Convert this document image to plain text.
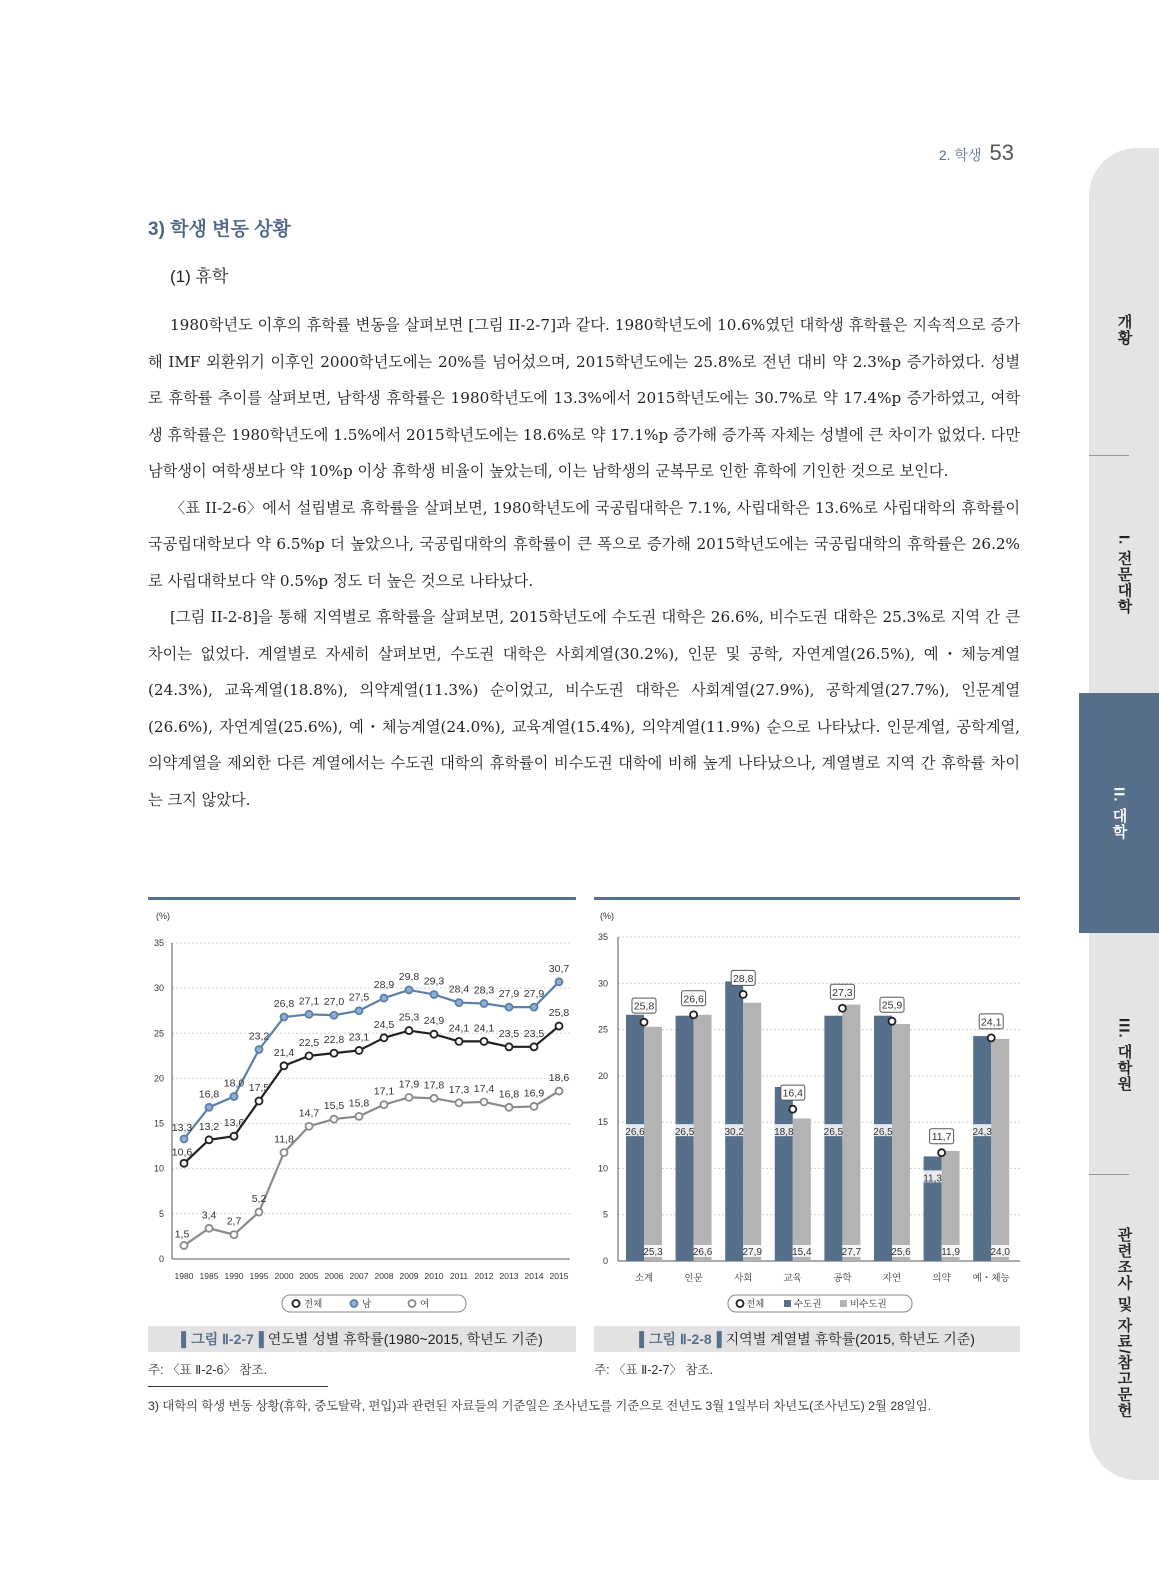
2. 학생 53
개황
I. 전문대학
II. 대학
III. 대학원
관련조사 및 자료/참고문헌
3) 학생 변동 상황
(1) 휴학

1980학년도 이후의 휴학률 변동을 살펴보면 [그림 II-2-7]과 같다. 1980학년도에 10.6%였던 대학생 휴학률은 지속적으로 증가해 IMF 외환위기 이후인 2000학년도에는 20%를 넘어섰으며, 2015학년도에는 25.8%로 전년 대비 약 2.3%p 증가하였다. 성별로 휴학률 추이를 살펴보면, 남학생 휴학률은 1980학년도에 13.3%에서 2015학년도에는 30.7%로 약 17.4%p 증가하였고, 여학생 휴학률은 1980학년도에 1.5%에서 2015학년도에는 18.6%로 약 17.1%p 증가해 증가폭 자체는 성별에 큰 차이가 없었다. 다만 남학생이 여학생보다 약 10%p 이상 휴학생 비율이 높았는데, 이는 남학생의 군복무로 인한 휴학에 기인한 것으로 보인다.

〈표 II-2-6〉에서 설립별로 휴학률을 살펴보면, 1980학년도에 국공립대학은 7.1%, 사립대학은 13.6%로 사립대학의 휴학률이 국공립대학보다 약 6.5%p 더 높았으나, 국공립대학의 휴학률이 큰 폭으로 증가해 2015학년도에는 국공립대학의 휴학률은 26.2%로 사립대학보다 약 0.5%p 정도 더 높은 것으로 나타났다.

[그림 II-2-8]을 통해 지역별로 휴학률을 살펴보면, 2015학년도에 수도권 대학은 26.6%, 비수도권 대학은 25.3%로 지역 간 큰 차이는 없었다. 계열별로 자세히 살펴보면, 수도권 대학은 사회계열(30.2%), 인문 및 공학, 자연계열(26.5%), 예・체능계열(24.3%), 교육계열(18.8%), 의약계열(11.3%) 순이었고, 비수도권 대학은 사회계열(27.9%), 공학계열(27.7%), 인문계열(26.6%), 자연계열(25.6%), 예・체능계열(24.0%), 교육계열(15.4%), 의약계열(11.9%) 순으로 나타났다. 인문계열, 공학계열, 의약계열을 제외한 다른 계열에서는 수도권 대학의 휴학률이 비수도권 대학에 비해 높게 나타났으나, 계열별로 지역 간 휴학률 차이는 크지 않았다.

(%)
0
5
10
15
20
25
30
35
1980 1985 1990 1995 2000 2005 2006 2007 2008 2009 2010 2011 2012 2013 2014 2015
13,3
16,8
18,0
23,2
26,8 27,1 27,0 27,5
28,9
29,8 29,3
28,4 28,3 27,9 27,9
30,7
10,6
13,2 13,6
17,5
21,4
22,5 22,8 23,1
24,5
25,3 24,9
24,1 24,1 23,5 23,5
25,8
1,5
3,4
2,7
5,2
11,8
14,7
15,5 15,8
17,1
17,9 17,8 17,3 17,4 16,8 16,9
18,6
전체	남	여
▌그림 Ⅱ-2-7▐ 연도별 성별 휴학률(1980~2015, 학년도 기준)
주: 〈표 Ⅱ-2-6〉 참조.
(%)
0
5
10
15
20
25
30
35
26,6
25,3
25,8
소계
26,5
26,6
26,6
인문
30,2
27,9
28,8
사회
18,8
15,4
16,4
교육
26,5
27,7
27,3
공학
26,5
25,6
25,9
자연
11,3
11,9
11,7
의약
24,3
24,0
24,1
예・체능
전체	수도권	비수도권
▌그림 Ⅱ-2-8▐ 지역별 계열별 휴학률(2015, 학년도 기준)
주: 〈표 Ⅱ-2-7〉 참조.
3) 대학의 학생 변동 상황(휴학, 중도탈락, 편입)과 관련된 자료들의 기준일은 조사년도를 기준으로 전년도 3월 1일부터 차년도(조사년도) 2월 28일임.
